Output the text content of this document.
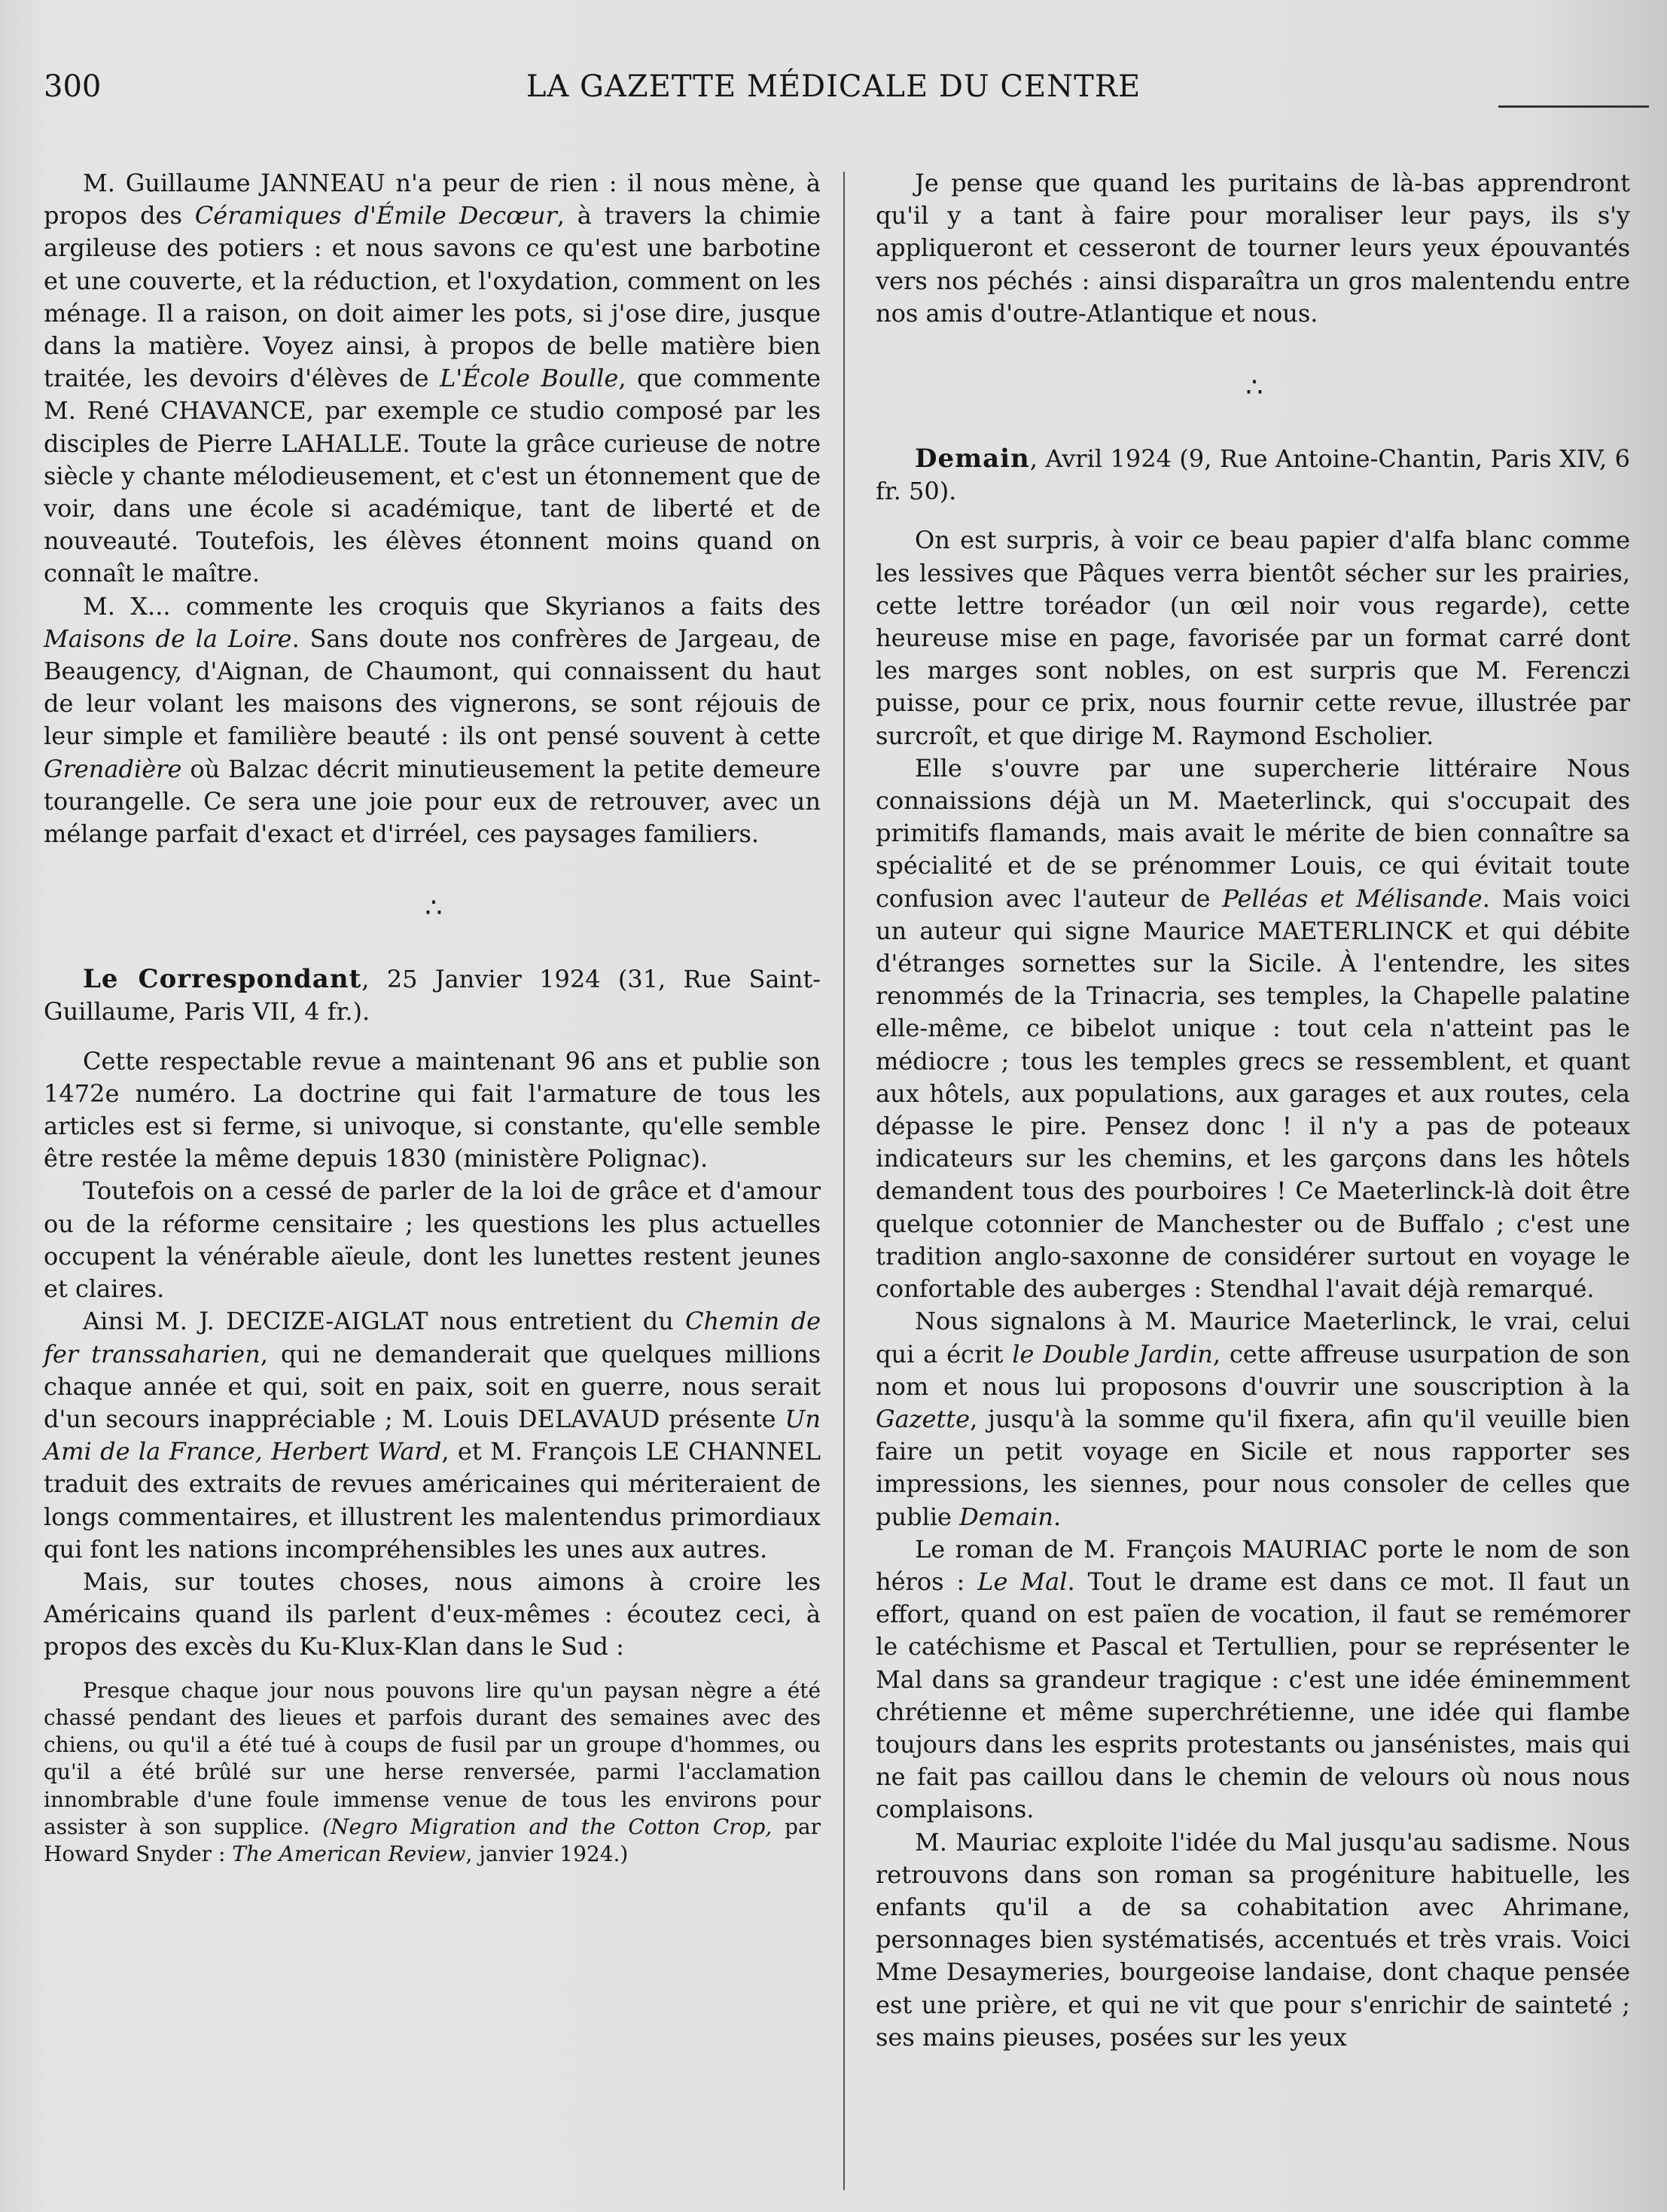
300	LA GAZETTE MÉDICALE DU CENTRE

M. Guillaume JANNEAU n'a peur de rien : il nous mène, à propos des Céramiques d'Émile Decœur, à travers la chimie argileuse des potiers : et nous savons ce qu'est une barbotine et une couverte, et la réduction, et l'oxydation, comment on les ménage. Il a raison, on doit aimer les pots, si j'ose dire, jusque dans la matière. Voyez ainsi, à propos de belle matière bien traitée, les devoirs d'élèves de L'École Boulle, que commente M. René CHAVANCE, par exemple ce studio composé par les disciples de Pierre LAHALLE. Toute la grâce curieuse de notre siècle y chante mélodieusement, et c'est un étonnement que de voir, dans une école si académique, tant de liberté et de nouveauté. Toutefois, les élèves étonnent moins quand on connaît le maître.

M. X... commente les croquis que Skyrianos a faits des Maisons de la Loire. Sans doute nos confrères de Jargeau, de Beaugency, d'Aignan, de Chaumont, qui connaissent du haut de leur volant les maisons des vignerons, se sont réjouis de leur simple et familière beauté : ils ont pensé souvent à cette Grenadière où Balzac décrit minutieusement la petite demeure tourangelle. Ce sera une joie pour eux de retrouver, avec un mélange parfait d'exact et d'irréel, ces paysages familiers.

∴

Le Correspondant, 25 Janvier 1924 (31, Rue Saint-Guillaume, Paris VII, 4 fr.).

Cette respectable revue a maintenant 96 ans et publie son 1472e numéro. La doctrine qui fait l'armature de tous les articles est si ferme, si univoque, si constante, qu'elle semble être restée la même depuis 1830 (ministère Polignac).

Toutefois on a cessé de parler de la loi de grâce et d'amour ou de la réforme censitaire ; les questions les plus actuelles occupent la vénérable aïeule, dont les lunettes restent jeunes et claires.

Ainsi M. J. DECIZE-AIGLAT nous entretient du Chemin de fer transsaharien, qui ne demanderait que quelques millions chaque année et qui, soit en paix, soit en guerre, nous serait d'un secours inappréciable ; M. Louis DELAVAUD présente Un Ami de la France, Herbert Ward, et M. François LE CHANNEL traduit des extraits de revues américaines qui mériteraient de longs commentaires, et illustrent les malentendus primordiaux qui font les nations incompréhensibles les unes aux autres.

Mais, sur toutes choses, nous aimons à croire les Américains quand ils parlent d'eux-mêmes : écoutez ceci, à propos des excès du Ku-Klux-Klan dans le Sud :

Presque chaque jour nous pouvons lire qu'un paysan nègre a été chassé pendant des lieues et parfois durant des semaines avec des chiens, ou qu'il a été tué à coups de fusil par un groupe d'hommes, ou qu'il a été brûlé sur une herse renversée, parmi l'acclamation innombrable d'une foule immense venue de tous les environs pour assister à son supplice. (Negro Migration and the Cotton Crop, par Howard Snyder : The American Review, janvier 1924.)

Je pense que quand les puritains de là-bas apprendront qu'il y a tant à faire pour moraliser leur pays, ils s'y appliqueront et cesseront de tourner leurs yeux épouvantés vers nos péchés : ainsi disparaîtra un gros malentendu entre nos amis d'outre-Atlantique et nous.

∴

Demain, Avril 1924 (9, Rue Antoine-Chantin, Paris XIV, 6 fr. 50).

On est surpris, à voir ce beau papier d'alfa blanc comme les lessives que Pâques verra bientôt sécher sur les prairies, cette lettre toréador (un œil noir vous regarde), cette heureuse mise en page, favorisée par un format carré dont les marges sont nobles, on est surpris que M. Ferenczi puisse, pour ce prix, nous fournir cette revue, illustrée par surcroît, et que dirige M. Raymond Escholier.

Elle s'ouvre par une supercherie littéraire Nous connaissions déjà un M. Maeterlinck, qui s'occupait des primitifs flamands, mais avait le mérite de bien connaître sa spécialité et de se prénommer Louis, ce qui évitait toute confusion avec l'auteur de Pelléas et Mélisande. Mais voici un auteur qui signe Maurice MAETERLINCK et qui débite d'étranges sornettes sur la Sicile. À l'entendre, les sites renommés de la Trinacria, ses temples, la Chapelle palatine elle-même, ce bibelot unique : tout cela n'atteint pas le médiocre ; tous les temples grecs se ressemblent, et quant aux hôtels, aux populations, aux garages et aux routes, cela dépasse le pire. Pensez donc ! il n'y a pas de poteaux indicateurs sur les chemins, et les garçons dans les hôtels demandent tous des pourboires ! Ce Maeterlinck-là doit être quelque cotonnier de Manchester ou de Buffalo ; c'est une tradition anglo-saxonne de considérer surtout en voyage le confortable des auberges : Stendhal l'avait déjà remarqué.

Nous signalons à M. Maurice Maeterlinck, le vrai, celui qui a écrit le Double Jardin, cette affreuse usurpation de son nom et nous lui proposons d'ouvrir une souscription à la Gazette, jusqu'à la somme qu'il fixera, afin qu'il veuille bien faire un petit voyage en Sicile et nous rapporter ses impressions, les siennes, pour nous consoler de celles que publie Demain.

Le roman de M. François MAURIAC porte le nom de son héros : Le Mal. Tout le drame est dans ce mot. Il faut un effort, quand on est païen de vocation, il faut se remémorer le catéchisme et Pascal et Tertullien, pour se représenter le Mal dans sa grandeur tragique : c'est une idée éminemment chrétienne et même superchrétienne, une idée qui flambe toujours dans les esprits protestants ou jansénistes, mais qui ne fait pas caillou dans le chemin de velours où nous nous complaisons.

M. Mauriac exploite l'idée du Mal jusqu'au sadisme. Nous retrouvons dans son roman sa progéniture habituelle, les enfants qu'il a de sa cohabitation avec Ahrimane, personnages bien systématisés, accentués et très vrais. Voici Mme Desaymeries, bourgeoise landaise, dont chaque pensée est une prière, et qui ne vit que pour s'enrichir de sainteté ; ses mains pieuses, posées sur les yeux
